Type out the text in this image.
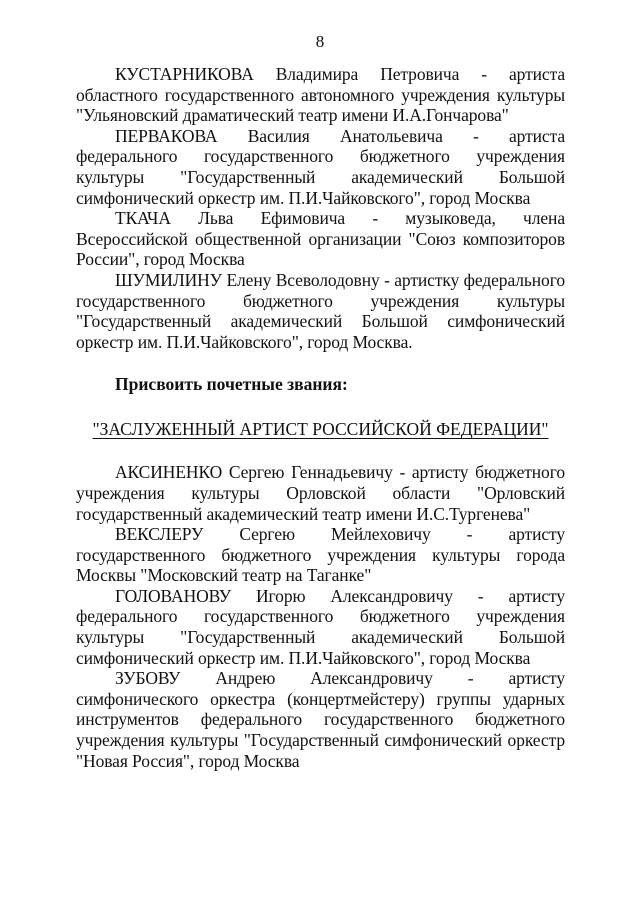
8

КУСТАРНИКОВА Владимира Петровича - артиста областного государственного автономного учреждения культуры "Ульяновский драматический театр имени И.А.Гончарова"

ПЕРВАКОВА Василия Анатольевича - артиста федерального государственного бюджетного учреждения культуры "Государственный академический Большой симфонический оркестр им. П.И.Чайковского", город Москва

ТКАЧА Льва Ефимовича - музыковеда, члена Всероссийской общественной организации "Союз композиторов России", город Москва

ШУМИЛИНУ Елену Всеволодовну - артистку федерального государственного бюджетного учреждения культуры "Государственный академический Большой симфонический оркестр им. П.И.Чайковского", город Москва.

Присвоить почетные звания:

"ЗАСЛУЖЕННЫЙ АРТИСТ РОССИЙСКОЙ ФЕДЕРАЦИИ"

АКСИНЕНКО Сергею Геннадьевичу - артисту бюджетного учреждения культуры Орловской области "Орловский государственный академический театр имени И.С.Тургенева"

ВЕКСЛЕРУ Сергею Мейлеховичу - артисту государственного бюджетного учреждения культуры города Москвы "Московский театр на Таганке"

ГОЛОВАНОВУ Игорю Александровичу - артисту федерального государственного бюджетного учреждения культуры "Государственный академический Большой симфонический оркестр им. П.И.Чайковского", город Москва

ЗУБОВУ Андрею Александровичу - артисту симфонического оркестра (концертмейстеру) группы ударных инструментов федерального государственного бюджетного учреждения культуры "Государственный симфонический оркестр "Новая Россия", город Москва
